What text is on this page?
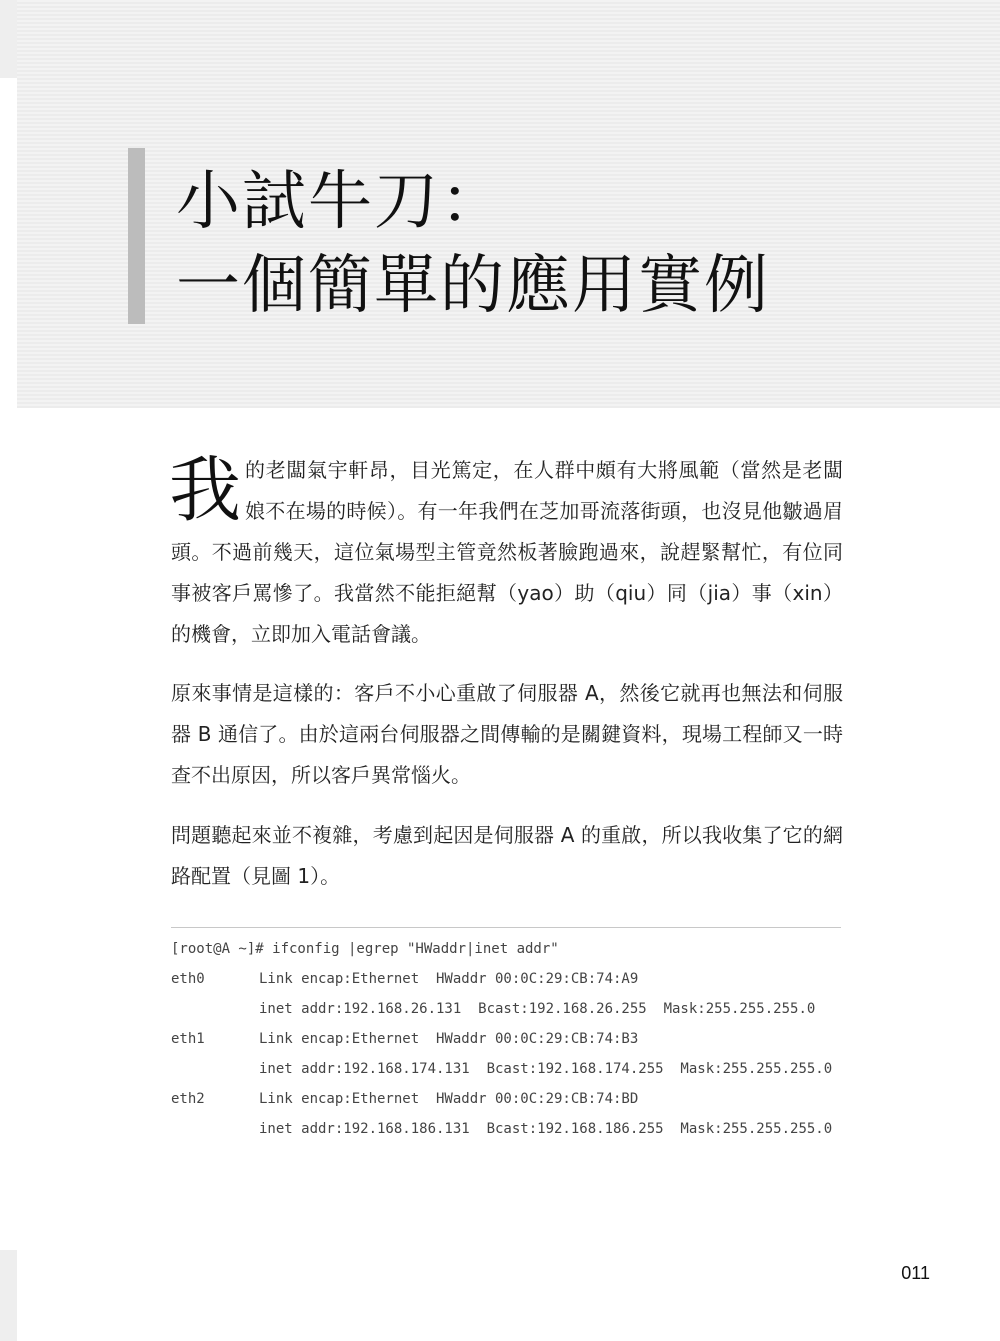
小試牛刀：
一個簡單的應用實例

我的老闆氣宇軒昂，目光篤定，在人群中頗有大將風範（當然是老闆娘不在場的時候）。有一年我們在芝加哥流落街頭，也沒見他皺過眉頭。不過前幾天，這位氣場型主管竟然板著臉跑過來，說趕緊幫忙，有位同事被客戶罵慘了。我當然不能拒絕幫（yao）助（qiu）同（jia）事（xin）的機會，立即加入電話會議。

原來事情是這樣的：客戶不小心重啟了伺服器 A，然後它就再也無法和伺服器 B 通信了。由於這兩台伺服器之間傳輸的是關鍵資料，現場工程師又一時查不出原因，所以客戶異常惱火。

問題聽起來並不複雜，考慮到起因是伺服器 A 的重啟，所以我收集了它的網路配置（見圖 1）。

[root@A ~]# ifconfig |egrep "HWaddr|inet addr"
eth0	Link encap:Ethernet  HWaddr 00:0C:29:CB:74:A9
inet addr:192.168.26.131  Bcast:192.168.26.255  Mask:255.255.255.0
eth1	Link encap:Ethernet  HWaddr 00:0C:29:CB:74:B3
inet addr:192.168.174.131  Bcast:192.168.174.255  Mask:255.255.255.0
eth2	Link encap:Ethernet  HWaddr 00:0C:29:CB:74:BD
inet addr:192.168.186.131  Bcast:192.168.186.255  Mask:255.255.255.0
011
